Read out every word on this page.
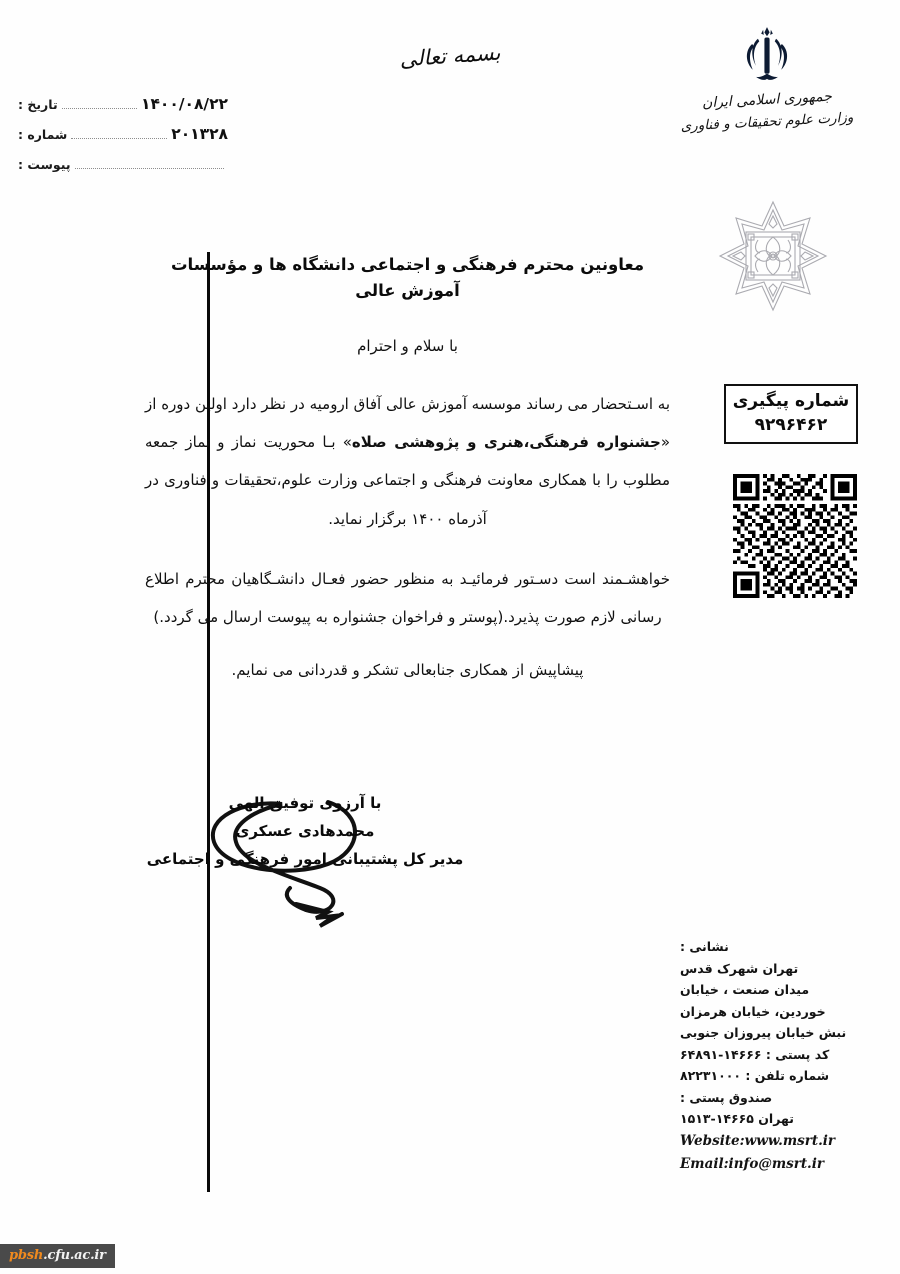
بسمه تعالی
جمهوری اسلامی ایران
وزارت علوم تحقیقات و فناوری
تاریخ :	۱۴۰۰/۰۸/۲۲
شماره :	۲۰۱۳۲۸
پیوست :
شماره پیگیری
۹۲۹۶۴۶۲
معاونین محترم فرهنگی و اجتماعی دانشگاه ها و مؤسسات آموزش عالی
با سلام و احترام

به اسـتحضار می رساند موسسه آموزش عالی آفاق ارومیه در نظر دارد اولین دوره از «جشنواره فرهنگی،هنری و پژوهشی صلاه» بـا محوریت نماز و نماز جمعه مطلوب را با همکاری معاونت فرهنگی و اجتماعی وزارت علوم،تحقیقات و فناوری در آذرماه ۱۴۰۰ برگزار نماید.

خواهشـمند است دسـتور فرمائیـد به منظور حضور فعـال دانشـگاهیان محترم اطلاع رسانی لازم صورت پذیرد.(پوستر و فراخوان جشنواره به پیوست ارسال می گردد.)

پیشاپیش از همکاری جنابعالی تشکر و قدردانی می نمایم.

با آرزوی توفیق الهی
محمدهادی عسکری
مدیر کل پشتیبانی امور فرهنگی و اجتماعی
نشانی :
تهران شهرک قدس
میدان صنعت ، خیابان
خوردین، خیابان هرمزان
نبش خیابان پیروزان جنوبی
کد پستی : ۱۴۶۶۶-۶۴۸۹۱
شماره تلفن : ۸۲۲۳۱۰۰۰
صندوق پستی :
تهران ۱۴۶۶۵-۱۵۱۳
Website:www.msrt.ir
Email:info@msrt.ir
pbsh.cfu.ac.ir
